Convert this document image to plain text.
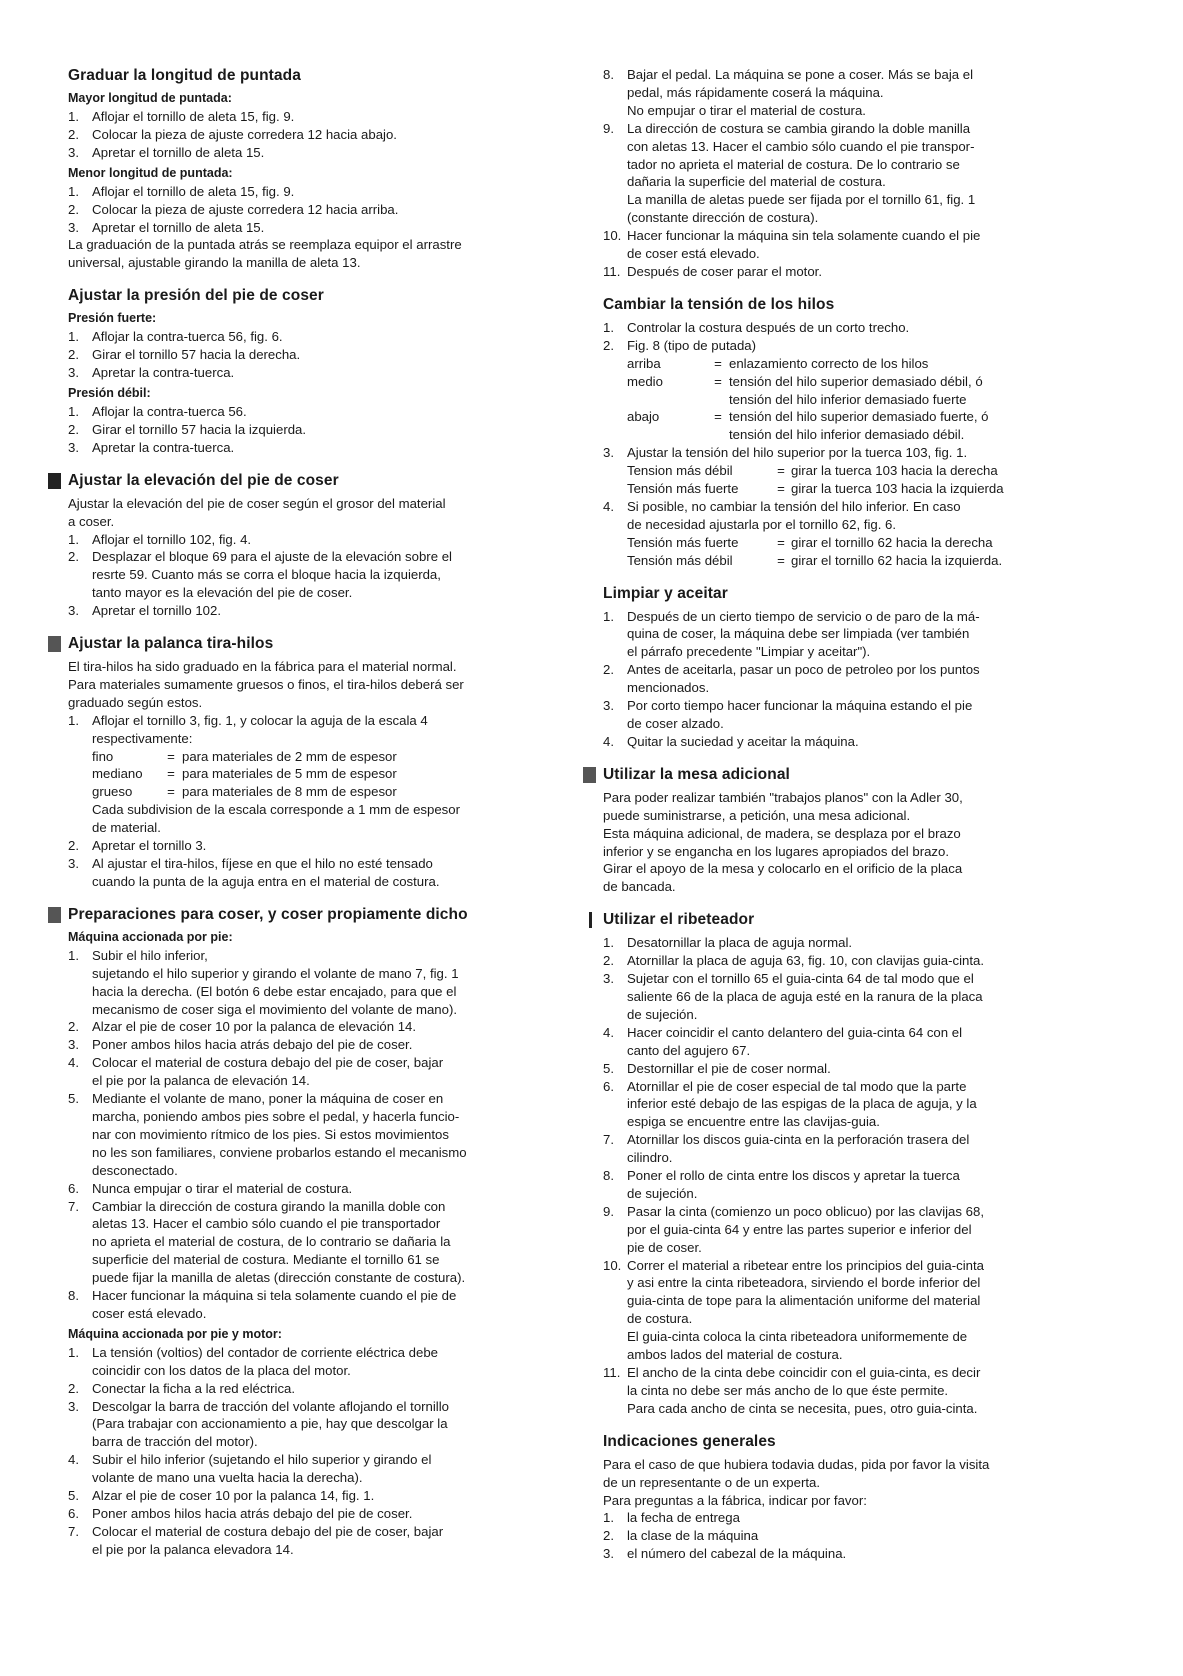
Graduar la longitud de puntada
Mayor longitud de puntada:
1. Aflojar el tornillo de aleta 15, fig. 9.
2. Colocar la pieza de ajuste corredera 12 hacia abajo.
3. Apretar el tornillo de aleta 15.
Menor longitud de puntada:
1. Aflojar el tornillo de aleta 15, fig. 9.
2. Colocar la pieza de ajuste corredera 12 hacia arriba.
3. Apretar el tornillo de aleta 15.

La graduación de la puntada atrás se reemplaza equipor el arrastre
universal, ajustable girando la manilla de aleta 13.

Ajustar la presión del pie de coser
Presión fuerte:
1. Aflojar la contra-tuerca 56, fig. 6.
2. Girar el tornillo 57 hacia la derecha.
3. Apretar la contra-tuerca.
Presión débil:
1. Aflojar la contra-tuerca 56.
2. Girar el tornillo 57 hacia la izquierda.
3. Apretar la contra-tuerca.
Ajustar la elevación del pie de coser

Ajustar la elevación del pie de coser según el grosor del material
a coser.

1. Aflojar el tornillo 102, fig. 4.
2. Desplazar el bloque 69 para el ajuste de la elevación sobre el
resrte 59. Cuanto más se corra el bloque hacia la izquierda,
tanto mayor es la elevación del pie de coser.
3. Apretar el tornillo 102.
Ajustar la palanca tira-hilos

El tira-hilos ha sido graduado en la fábrica para el material normal.
Para materiales sumamente gruesos o finos, el tira-hilos deberá ser
graduado según estos.

1. Aflojar el tornillo 3, fig. 1, y colocar la aguja de la escala 4
respectivamente:
fino	= para materiales de 2 mm de espesor
mediano	= para materiales de 5 mm de espesor
grueso	= para materiales de 8 mm de espesor
Cada subdivision de la escala corresponde a 1 mm de espesor
de material.
2. Apretar el tornillo 3.
3. Al ajustar el tira-hilos, fíjese en que el hilo no esté tensado
cuando la punta de la aguja entra en el material de costura.
Preparaciones para coser, y coser propiamente dicho
Máquina accionada por pie:
1. Subir el hilo inferior,
sujetando el hilo superior y girando el volante de mano 7, fig. 1
hacia la derecha. (El botón 6 debe estar encajado, para que el
mecanismo de coser siga el movimiento del volante de mano).
2. Alzar el pie de coser 10 por la palanca de elevación 14.
3. Poner ambos hilos hacia atrás debajo del pie de coser.
4. Colocar el material de costura debajo del pie de coser, bajar
el pie por la palanca de elevación 14.
5. Mediante el volante de mano, poner la máquina de coser en
marcha, poniendo ambos pies sobre el pedal, y hacerla funcio-
nar con movimiento rítmico de los pies. Si estos movimientos
no les son familiares, conviene probarlos estando el mecanismo
desconectado.
6. Nunca empujar o tirar el material de costura.
7. Cambiar la dirección de costura girando la manilla doble con
aletas 13. Hacer el cambio sólo cuando el pie transportador
no aprieta el material de costura, de lo contrario se dañaria la
superficie del material de costura. Mediante el tornillo 61 se
puede fijar la manilla de aletas (dirección constante de costura).
8. Hacer funcionar la máquina si tela solamente cuando el pie de
coser está elevado.
Máquina accionada por pie y motor:
1. La tensión (voltios) del contador de corriente eléctrica debe
coincidir con los datos de la placa del motor.
2. Conectar la ficha a la red eléctrica.
3. Descolgar la barra de tracción del volante aflojando el tornillo
(Para trabajar con accionamiento a pie, hay que descolgar la
barra de tracción del motor).
4. Subir el hilo inferior (sujetando el hilo superior y girando el
volante de mano una vuelta hacia la derecha).
5. Alzar el pie de coser 10 por la palanca 14, fig. 1.
6. Poner ambos hilos hacia atrás debajo del pie de coser.
7. Colocar el material de costura debajo del pie de coser, bajar
el pie por la palanca elevadora 14.
8. Bajar el pedal. La máquina se pone a coser. Más se baja el
pedal, más rápidamente coserá la máquina.
No empujar o tirar el material de costura.
9. La dirección de costura se cambia girando la doble manilla
con aletas 13. Hacer el cambio sólo cuando el pie transpor-
tador no aprieta el material de costura. De lo contrario se
dañaria la superficie del material de costura.
La manilla de aletas puede ser fijada por el tornillo 61, fig. 1
(constante dirección de costura).
10. Hacer funcionar la máquina sin tela solamente cuando el pie
de coser está elevado.
11. Después de coser parar el motor.
Cambiar la tensión de los hilos
1. Controlar la costura después de un corto trecho.
2. Fig. 8 (tipo de putada)
arriba	= enlazamiento correcto de los hilos
medio	= tensión del hilo superior demasiado débil, ó
tensión del hilo inferior demasiado fuerte
abajo	= tensión del hilo superior demasiado fuerte, ó
tensión del hilo inferior demasiado débil.
3. Ajustar la tensión del hilo superior por la tuerca 103, fig. 1.
Tension más débil	= girar la tuerca 103 hacia la derecha
Tensión más fuerte	= girar la tuerca 103 hacia la izquierda
4. Si posible, no cambiar la tensión del hilo inferior. En caso
de necesidad ajustarla por el tornillo 62, fig. 6.
Tensión más fuerte	= girar el tornillo 62 hacia la derecha
Tensión más débil	= girar el tornillo 62 hacia la izquierda.
Limpiar y aceitar
1. Después de un cierto tiempo de servicio o de paro de la má-
quina de coser, la máquina debe ser limpiada (ver también
el párrafo precedente "Limpiar y aceitar").
2. Antes de aceitarla, pasar un poco de petroleo por los puntos
mencionados.
3. Por corto tiempo hacer funcionar la máquina estando el pie
de coser alzado.
4. Quitar la suciedad y aceitar la máquina.
Utilizar la mesa adicional

Para poder realizar también "trabajos planos" con la Adler 30,
puede suministrarse, a petición, una mesa adicional.
Esta máquina adicional, de madera, se desplaza por el brazo
inferior y se engancha en los lugares apropiados del brazo.
Girar el apoyo de la mesa y colocarlo en el orificio de la placa
de bancada.

Utilizar el ribeteador
1. Desatornillar la placa de aguja normal.
2. Atornillar la placa de aguja 63, fig. 10, con clavijas guia-cinta.
3. Sujetar con el tornillo 65 el guia-cinta 64 de tal modo que el
saliente 66 de la placa de aguja esté en la ranura de la placa
de sujeción.
4. Hacer coincidir el canto delantero del guia-cinta 64 con el
canto del agujero 67.
5. Destornillar el pie de coser normal.
6. Atornillar el pie de coser especial de tal modo que la parte
inferior esté debajo de las espigas de la placa de aguja, y la
espiga se encuentre entre las clavijas-guia.
7. Atornillar los discos guia-cinta en la perforación trasera del
cilindro.
8. Poner el rollo de cinta entre los discos y apretar la tuerca
de sujeción.
9. Pasar la cinta (comienzo un poco oblicuo) por las clavijas 68,
por el guia-cinta 64 y entre las partes superior e inferior del
pie de coser.
10. Correr el material a ribetear entre los principios del guia-cinta
y asi entre la cinta ribeteadora, sirviendo el borde inferior del
guia-cinta de tope para la alimentación uniforme del material
de costura.
El guia-cinta coloca la cinta ribeteadora uniformemente de
ambos lados del material de costura.
11. El ancho de la cinta debe coincidir con el guia-cinta, es decir
la cinta no debe ser más ancho de lo que éste permite.
Para cada ancho de cinta se necesita, pues, otro guia-cinta.
Indicaciones generales

Para el caso de que hubiera todavia dudas, pida por favor la visita
de un representante o de un experta.
Para preguntas a la fábrica, indicar por favor:

1. la fecha de entrega
2. la clase de la máquina
3. el número del cabezal de la máquina.
